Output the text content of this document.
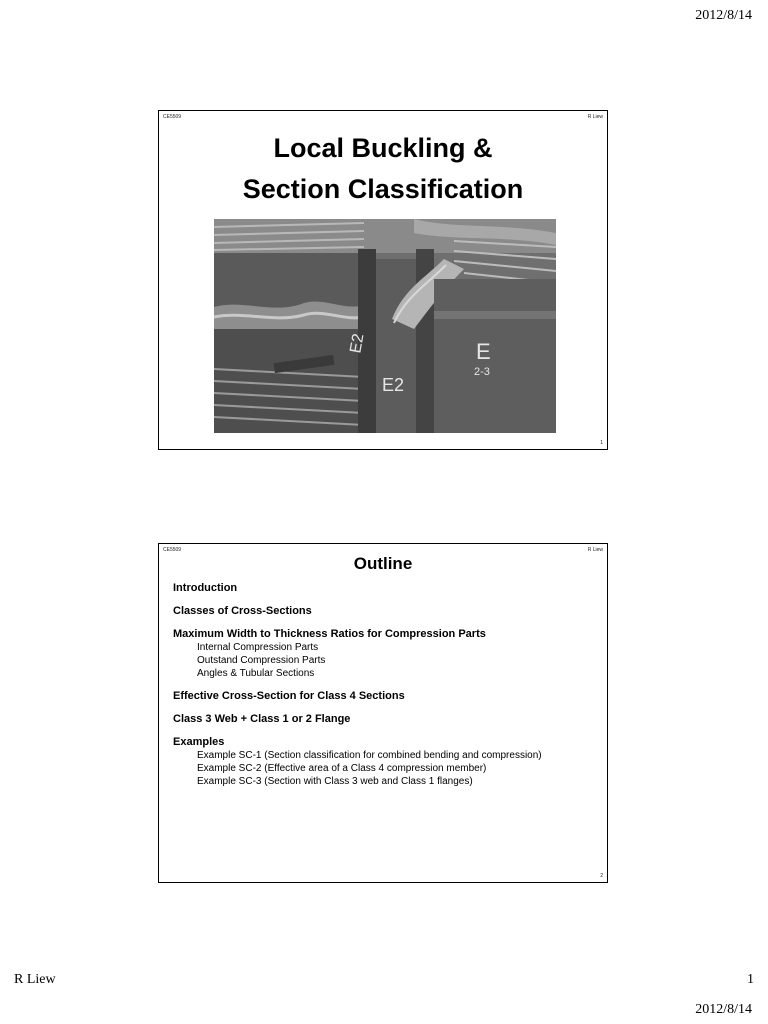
2012/8/14
CE5509	R Liew
Local Buckling &
Section Classification
E2
E2
E
2-3
1
CE5509	R Liew
Outline
Introduction
Classes of Cross-Sections
Maximum Width to Thickness Ratios for Compression Parts
Internal Compression Parts
Outstand Compression Parts
Angles & Tubular Sections
Effective Cross-Section for Class 4 Sections
Class 3 Web + Class 1 or 2 Flange
Examples
Example SC-1 (Section classification for combined bending and compression)
Example SC-2 (Effective area of a Class 4 compression member)
Example SC-3 (Section with Class 3 web and Class 1 flanges)
2
R Liew	1
2012/8/14
